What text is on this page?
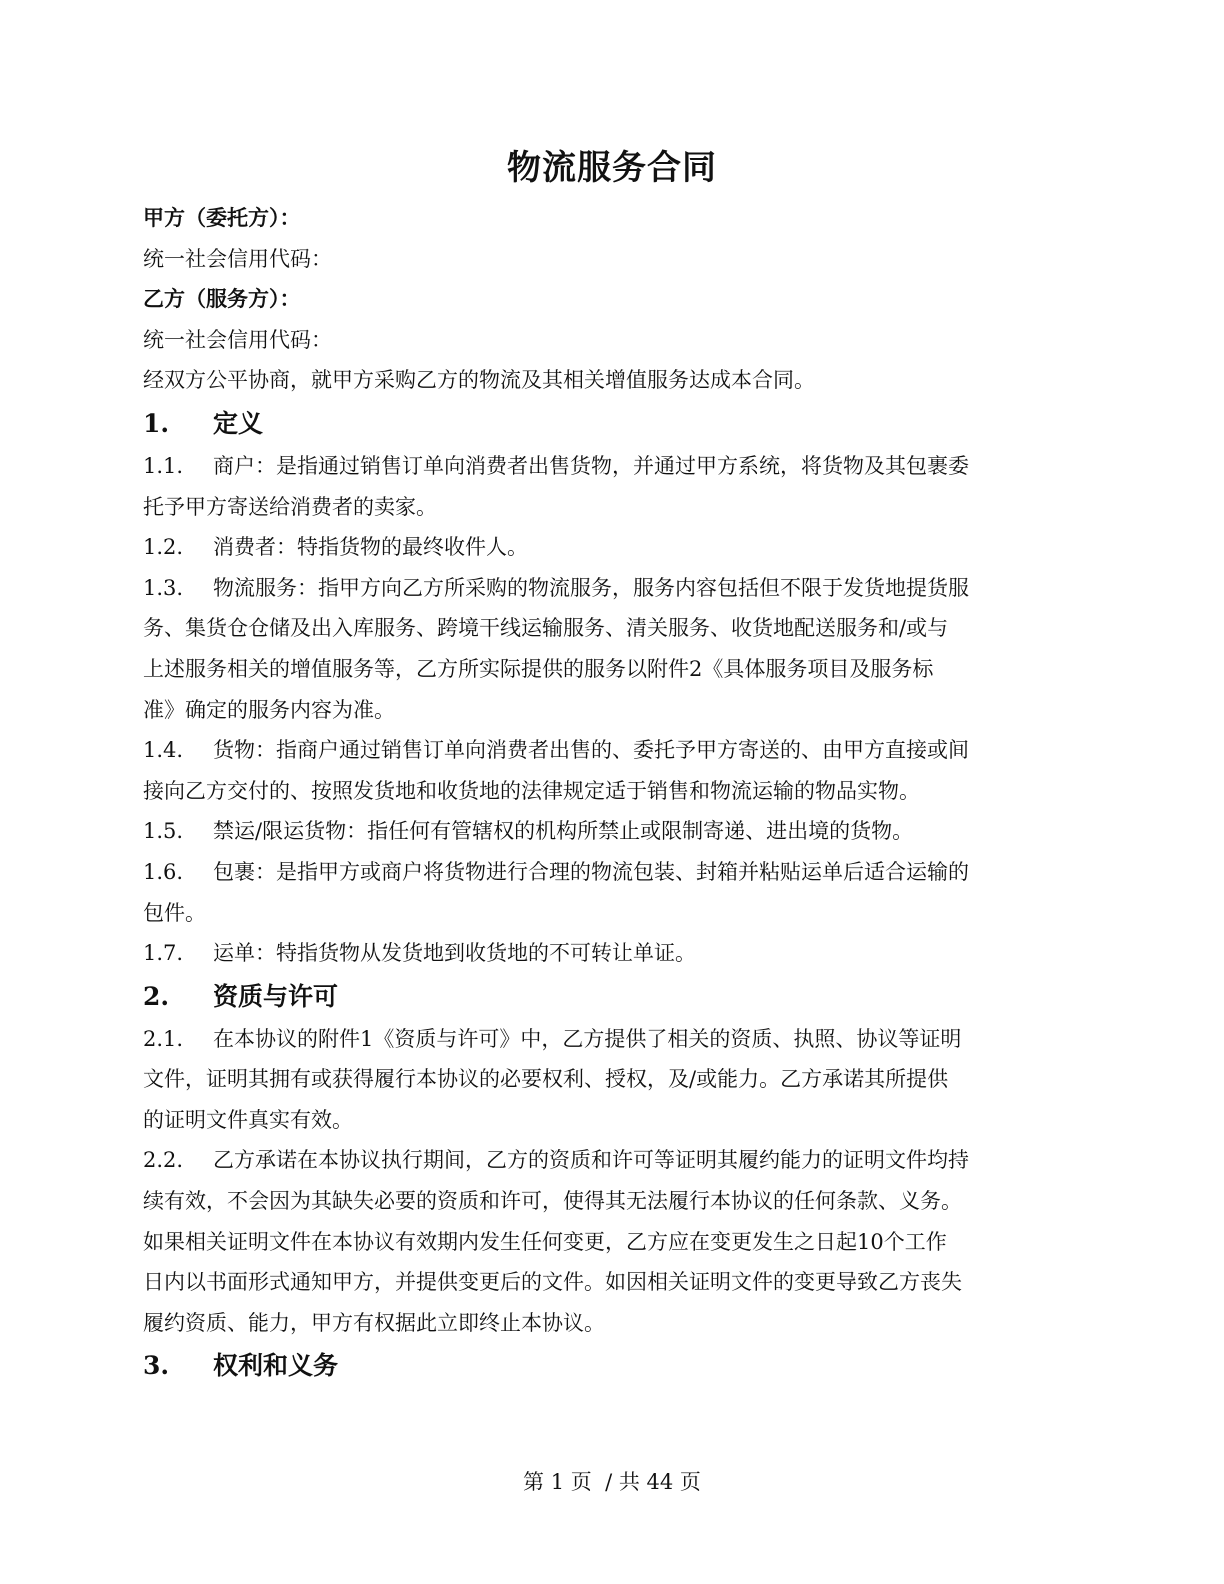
物流服务合同
甲方（委托方）：
统一社会信用代码：
乙方（服务方）：
统一社会信用代码：
经双方公平协商，就甲方采购乙方的物流及其相关增值服务达成本合同。
1. 定义
1.1. 商户：是指通过销售订单向消费者出售货物，并通过甲方系统，将货物及其包裹委
托予甲方寄送给消费者的卖家。
1.2. 消费者：特指货物的最终收件人。
1.3. 物流服务：指甲方向乙方所采购的物流服务，服务内容包括但不限于发货地提货服
务、集货仓仓储及出入库服务、跨境干线运输服务、清关服务、收货地配送服务和/或与
上述服务相关的增值服务等，乙方所实际提供的服务以附件2《具体服务项目及服务标
准》确定的服务内容为准。
1.4. 货物：指商户通过销售订单向消费者出售的、委托予甲方寄送的、由甲方直接或间
接向乙方交付的、按照发货地和收货地的法律规定适于销售和物流运输的物品实物。
1.5. 禁运/限运货物：指任何有管辖权的机构所禁止或限制寄递、进出境的货物。
1.6. 包裹：是指甲方或商户将货物进行合理的物流包装、封箱并粘贴运单后适合运输的
包件。
1.7. 运单：特指货物从发货地到收货地的不可转让单证。
2. 资质与许可
2.1. 在本协议的附件1《资质与许可》中，乙方提供了相关的资质、执照、协议等证明
文件，证明其拥有或获得履行本协议的必要权利、授权，及/或能力。乙方承诺其所提供
的证明文件真实有效。
2.2. 乙方承诺在本协议执行期间，乙方的资质和许可等证明其履约能力的证明文件均持
续有效，不会因为其缺失必要的资质和许可，使得其无法履行本协议的任何条款、义务。
如果相关证明文件在本协议有效期内发生任何变更，乙方应在变更发生之日起10个工作
日内以书面形式通知甲方，并提供变更后的文件。如因相关证明文件的变更导致乙方丧失
履约资质、能力，甲方有权据此立即终止本协议。
3. 权利和义务
第 1 页  / 共 44 页
